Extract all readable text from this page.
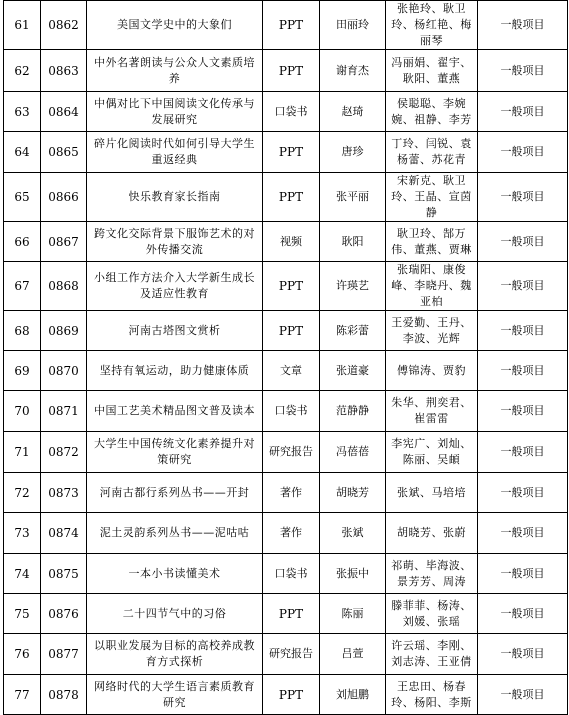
61	0862	美国文学史中的大象们	PPT	田丽玲	张艳玲、耿卫玲、杨红艳、梅丽琴	一般项目
62	0863	中外名著朗读与公众人文素质培养	PPT	谢育杰	冯丽娟、翟宇、耿阳、董燕	一般项目
63	0864	中偶对比下中国阅读文化传承与发展研究	口袋书	赵琦	侯聪聪、李婉婉、祖静、李芳	一般项目
64	0865	碎片化阅读时代如何引导大学生重返经典	PPT	唐珍	丁玲、闫锐、袁杨蕾、苏花青	一般项目
65	0866	快乐教育家长指南	PPT	张平丽	宋新克、耿卫玲、王晶、宣茵静	一般项目
66	0867	跨文化交际背景下服饰艺术的对外传播交流	视频	耿阳	耿卫玲、郜万伟、董燕、贾琳	一般项目
67	0868	小组工作方法介入大学新生成长及适应性教育	PPT	许瑛艺	张瑞阳、康俊峰、李晓丹、魏亚柏	一般项目
68	0869	河南古塔图文赏析	PPT	陈彩蕾	王爱勤、王丹、李波、光辉	一般项目
69	0870	坚持有氧运动，助力健康体质	文章	张道豪	傅锦涛、贾豹	一般项目
70	0871	中国工艺美术精品图文普及读本	口袋书	范静静	朱华、荆奕君、崔雷雷	一般项目
71	0872	大学生中国传统文化素养提升对策研究	研究报告	冯蓓蓓	李宪广、刘灿、陈丽、吴頔	一般项目
72	0873	河南古都行系列丛书——开封	著作	胡晓芳	张斌、马培培	一般项目
73	0874	泥土灵韵系列丛书——泥咕咕	著作	张斌	胡晓芳、张蔚	一般项目
74	0875	一本小书读懂美术	口袋书	张振中	祁萌、毕海波、景芳芳、周涛	一般项目
75	0876	二十四节气中的习俗	PPT	陈丽	滕菲菲、杨涛、刘媛、张瑶	一般项目
76	0877	以职业发展为目标的高校养成教育方式探析	研究报告	吕萱	许云瑶、李刚、刘志涛、王亚倩	一般项目
77	0878	网络时代的大学生语言素质教育研究	PPT	刘旭鹏	王忠田、杨春玲、杨阳、李斯	一般项目
